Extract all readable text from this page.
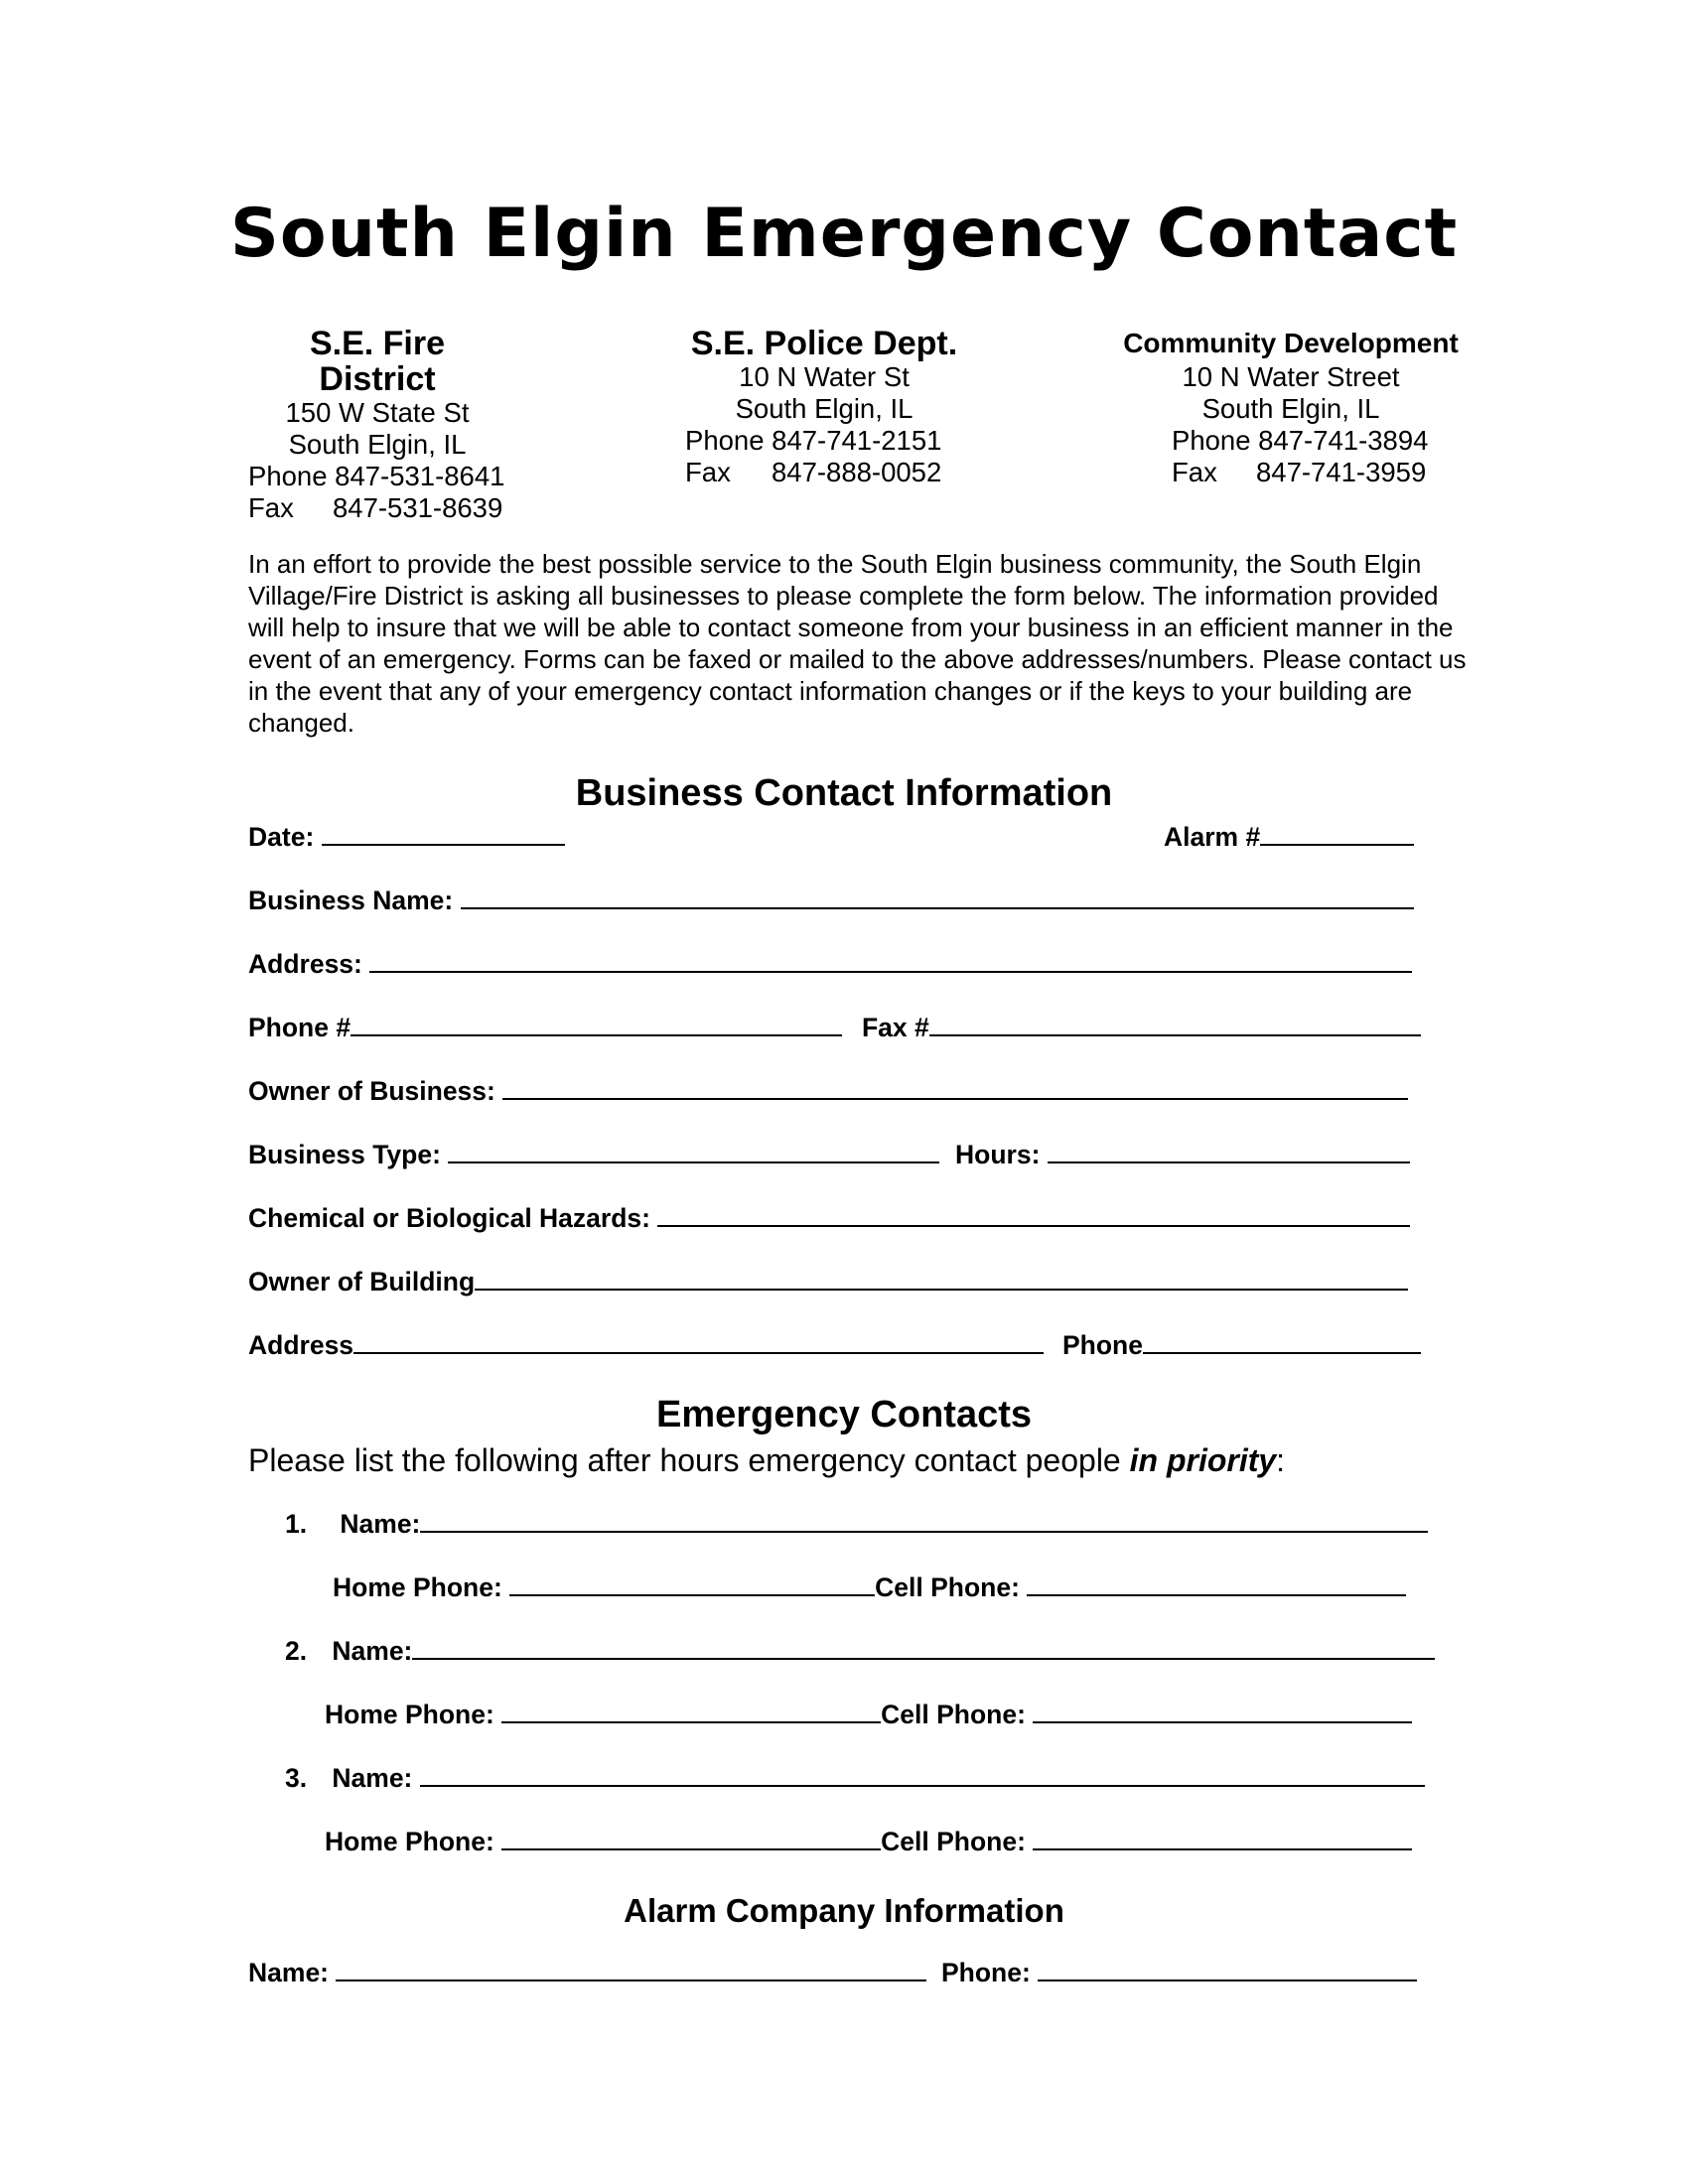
South Elgin Emergency Contact
S.E. Fire District
150 W State St
South Elgin, IL
Phone 847-531-8641
Fax 847-531-8639
S.E. Police Dept.
10 N Water St
South Elgin, IL
Phone 847-741-2151
Fax 847-888-0052
Community Development
10 N Water Street
South Elgin, IL
Phone 847-741-3894
Fax 847-741-3959
In an effort to provide the best possible service to the South Elgin business community, the South Elgin Village/Fire District is asking all businesses to please complete the form below. The information provided will help to insure that we will be able to contact someone from your business in an efficient manner in the event of an emergency. Forms can be faxed or mailed to the above addresses/numbers. Please contact us in the event that any of your emergency contact information changes or if the keys to your building are changed.
Business Contact Information
Date:	Alarm #
Business Name:
Address:
Phone #	Fax #
Owner of Business:
Business Type:	Hours:
Chemical or Biological Hazards:
Owner of Building
Address	Phone
Emergency Contacts
Please list the following after hours emergency contact people in priority:
1. Name:
Home Phone:	Cell Phone:
2. Name:
Home Phone:	Cell Phone:
3. Name:
Home Phone:	Cell Phone:
Alarm Company Information
Name:	Phone:
